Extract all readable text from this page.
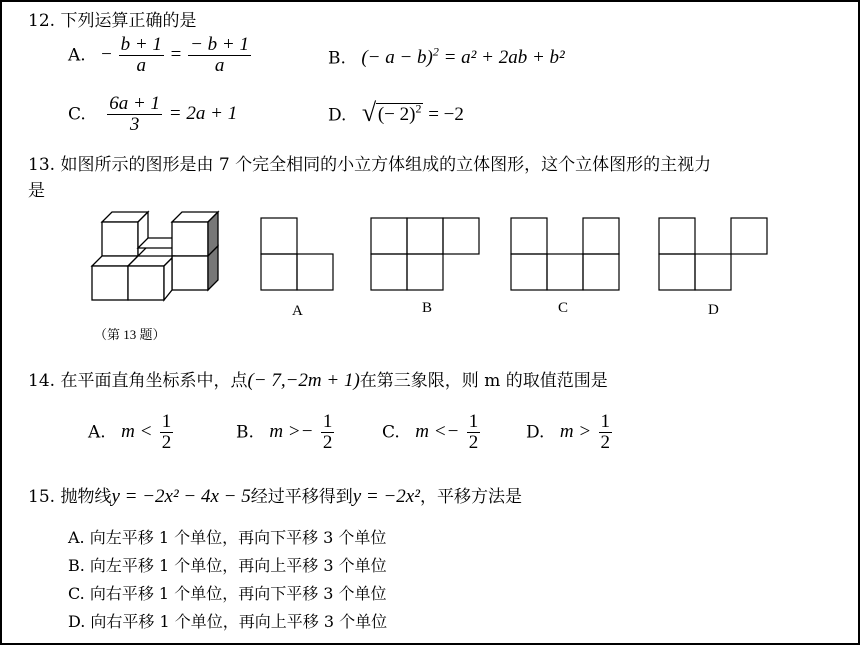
12. 下列运算正确的是
A. − $\frac{b + 1}{a} = \frac{- b + 1}{a}$	B. (− a − b)$^2$ = a² + 2ab + b²
C. $\frac{6a + 1}{3} = 2a + 1$	D. √ (− 2)$^2$ = −2
13. 如图所示的图形是由 7 个完全相同的小立方体组成的立体图形，这个立体图形的主视力
是
（第 13 题）
A	B	C	D
14. 在平面直角坐标系中，点(− 7,−2m + 1)在第三象限，则 m 的取值范围是
A. $m < \frac{1}{2}$	B. $m >- \frac{1}{2}$	C. $m <- \frac{1}{2}$	D. $m > \frac{1}{2}$
15. 抛物线y = −2x² − 4x − 5经过平移得到y = −2x²，平移方法是
A. 向左平移 1 个单位，再向下平移 3 个单位
B. 向左平移 1 个单位，再向上平移 3 个单位
C. 向右平移 1 个单位，再向下平移 3 个单位
D. 向右平移 1 个单位，再向上平移 3 个单位
